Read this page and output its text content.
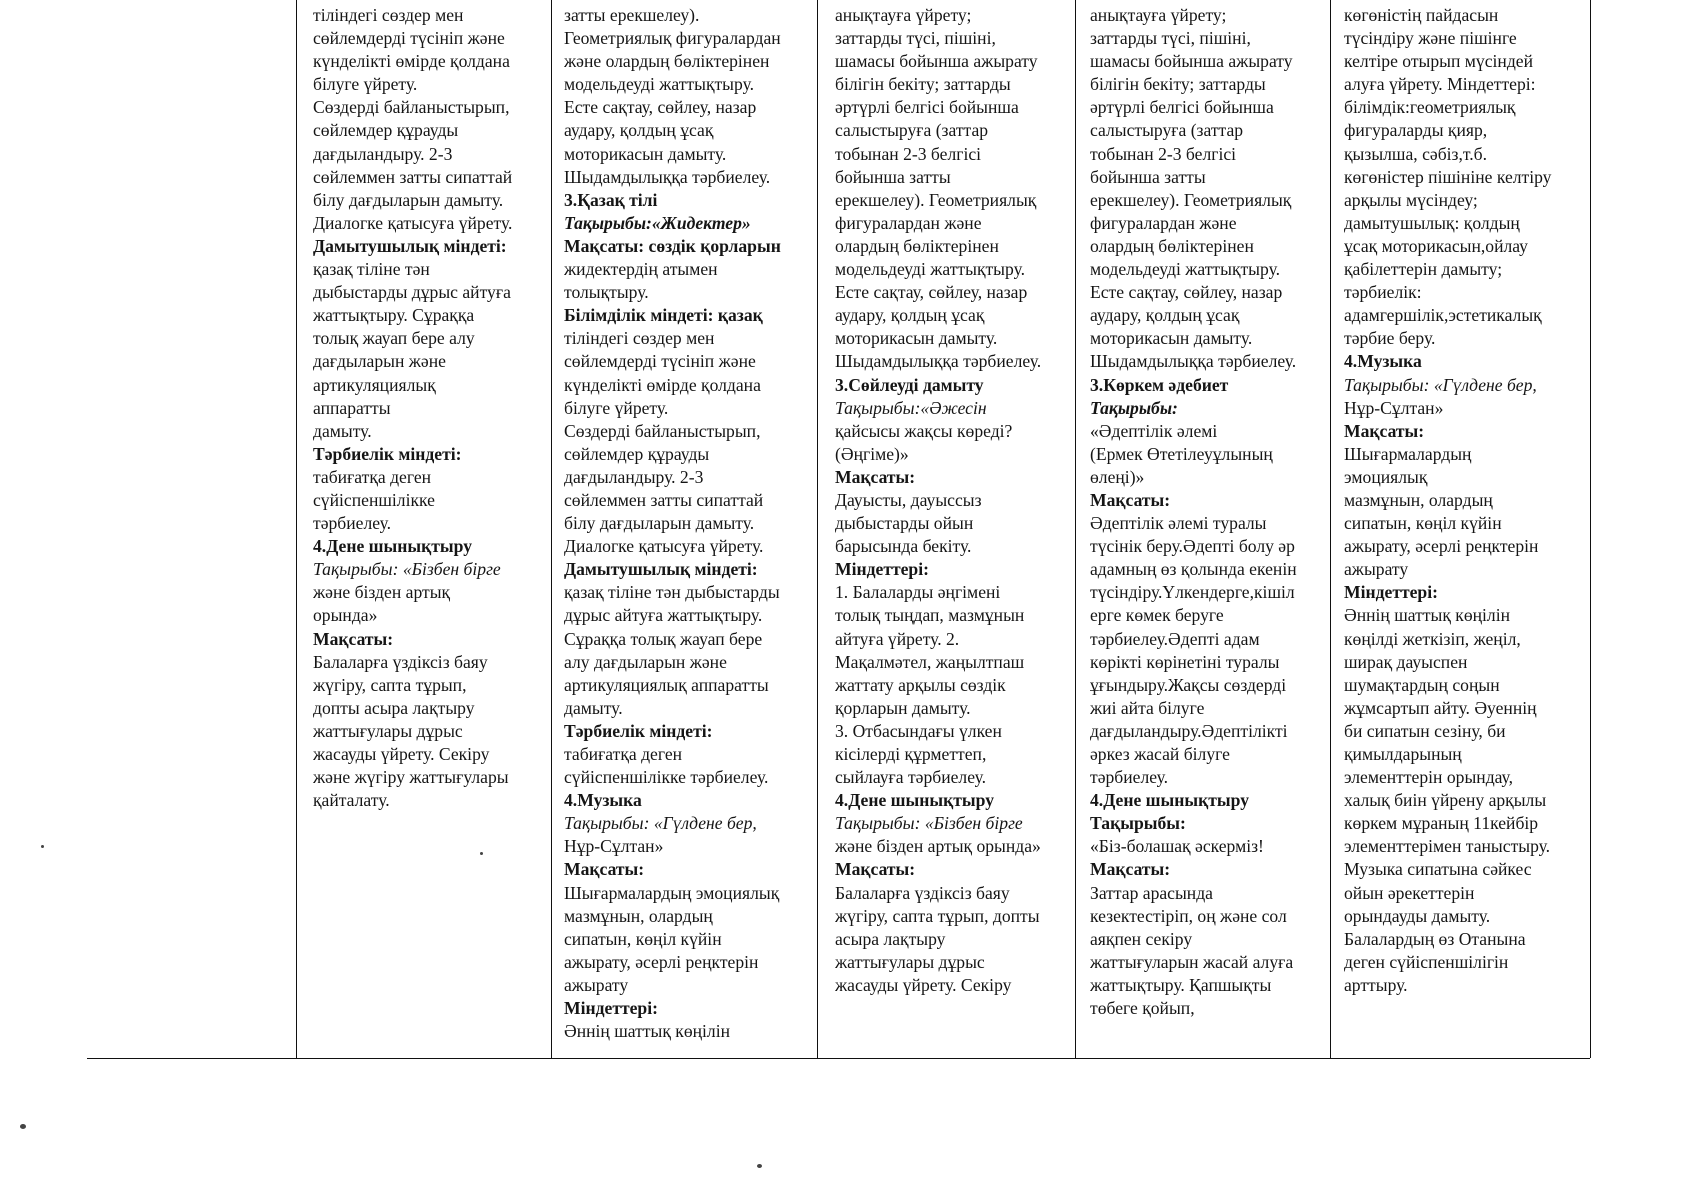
тіліндегі сөздер мен
сөйлемдерді түсініп және
күнделікті өмірде қолдана
білуге үйрету.
Сөздерді байланыстырып,
сөйлемдер құрауды
дағдыландыру. 2-3
сөйлеммен затты сипаттай
білу дағдыларын дамыту.
Диалогке қатысуға үйрету.
Дамытушылық міндеті:
қазақ тіліне тән
дыбыстарды дұрыс айтуға
жаттықтыру. Сұраққа
толық жауап бере алу
дағдыларын және
артикуляциялық
аппаратты
дамыту.
Тәрбиелік міндеті:
табиғатқа деген
сүйіспеншілікке
тәрбиелеу.
4.Дене шынықтыру
Тақырыбы: «Бізбен бірге
және бізден артық
орында»
Мақсаты:
Балаларға үздіксіз баяу
жүгіру, сапта тұрып,
допты асыра лақтыру
жаттығулары дұрыс
жасауды үйрету. Секіру
және жүгіру жаттығулары
қайталату.
затты ерекшелеу).
Геометриялық фигуралардан
және олардың бөліктерінен
модельдеуді жаттықтыру.
Есте сақтау, сөйлеу, назар
аудару, қолдың ұсақ
моторикасын дамыту.
Шыдамдылыққа тәрбиелеу.
3.Қазақ тілі
Тақырыбы:«Жидектер»
Мақсаты: сөздік қорларын
жидектердің атымен
толықтыру.
Білімділік міндеті: қазақ
тіліндегі сөздер мен
сөйлемдерді түсініп және
күнделікті өмірде қолдана
білуге үйрету.
Сөздерді байланыстырып,
сөйлемдер құрауды
дағдыландыру. 2-3
сөйлеммен затты сипаттай
білу дағдыларын дамыту.
Диалогке қатысуға үйрету.
Дамытушылық міндеті:
қазақ тіліне тән дыбыстарды
дұрыс айтуға жаттықтыру.
Сұраққа толық жауап бере
алу дағдыларын және
артикуляциялық аппаратты
дамыту.
Тәрбиелік міндеті:
табиғатқа деген
сүйіспеншілікке тәрбиелеу.
4.Музыка
Тақырыбы: «Гүлдене бер,
Нұр-Сұлтан»
Мақсаты:
Шығармалардың эмоциялық
мазмұнын, олардың
сипатын, көңіл күйін
ажырату, әсерлі реңктерін
ажырату
Міндеттері:
Әннің шаттық көңілін
анықтауға үйрету;
заттарды түсі, пішіні,
шамасы бойынша ажырату
білігін бекіту; заттарды
әртүрлі белгісі бойынша
салыстыруға (заттар
тобынан 2-3 белгісі
бойынша затты
ерекшелеу). Геометриялық
фигуралардан және
олардың бөліктерінен
модельдеуді жаттықтыру.
Есте сақтау, сөйлеу, назар
аудару, қолдың ұсақ
моторикасын дамыту.
Шыдамдылыққа тәрбиелеу.
3.Сөйлеуді дамыту
Тақырыбы:«Әжесін
қайсысы жақсы көреді?
(Әңгіме)»
Мақсаты:
Дауысты, дауыссыз
дыбыстарды ойын
барысында бекіту.
Міндеттері:
1. Балаларды әңгімені
толық тыңдап, мазмұнын
айтуға үйрету. 2.
Мақалмәтел, жаңылтпаш
жаттату арқылы сөздік
қорларын дамыту.
3. Отбасындағы үлкен
кісілерді құрметтеп,
сыйлауға тәрбиелеу.
4.Дене шынықтыру
Тақырыбы: «Бізбен бірге
және бізден артық орында»
Мақсаты:
Балаларға үздіксіз баяу
жүгіру, сапта тұрып, допты
асыра лақтыру
жаттығулары дұрыс
жасауды үйрету. Секіру
анықтауға үйрету;
заттарды түсі, пішіні,
шамасы бойынша ажырату
білігін бекіту; заттарды
әртүрлі белгісі бойынша
салыстыруға (заттар
тобынан 2-3 белгісі
бойынша затты
ерекшелеу). Геометриялық
фигуралардан және
олардың бөліктерінен
модельдеуді жаттықтыру.
Есте сақтау, сөйлеу, назар
аудару, қолдың ұсақ
моторикасын дамыту.
Шыдамдылыққа тәрбиелеу.
3.Көркем әдебиет
Тақырыбы:
«Әдептілік әлемі
(Ермек Өтетілеуұлының
өлеңі)»
Мақсаты:
Әдептілік әлемі туралы
түсінік беру.Әдепті болу әр
адамның өз қолында екенін
түсіндіру.Үлкендерге,кішіл
ерге көмек беруге
тәрбиелеу.Әдепті адам
көрікті көрінетіні туралы
ұғындыру.Жақсы сөздерді
жиі айта білуге
дағдыландыру.Әдептілікті
әркез жасай білуге
тәрбиелеу.
4.Дене шынықтыру
Тақырыбы:
«Біз-болашақ әскерміз!
Мақсаты:
Заттар арасында
кезектестіріп, оң және сол
аяқпен секіру
жаттығуларын жасай алуға
жаттықтыру. Қапшықты
төбеге қойып,
көгөністің пайдасын
түсіндіру және пішінге
келтіре отырып мүсіндей
алуға үйрету. Міндеттері:
білімдік:геометриялық
фигураларды қияр,
қызылша, сәбіз,т.б.
көгөністер пішініне келтіру
арқылы мүсіндеу;
дамытушылық: қолдың
ұсақ моторикасын,ойлау
қабілеттерін дамыту;
тәрбиелік:
адамгершілік,эстетикалық
тәрбие беру.
4.Музыка
Тақырыбы: «Гүлдене бер,
Нұр-Сұлтан»
Мақсаты:
Шығармалардың
эмоциялық
мазмұнын, олардың
сипатын, көңіл күйін
ажырату, әсерлі реңктерін
ажырату
Міндеттері:
Әннің шаттық көңілін
көңілді жеткізіп, жеңіл,
ширақ дауыспен
шумақтардың соңын
жұмсартып айту. Әуеннің
би сипатын сезіну, би
қимылдарының
элементтерін орындау,
халық биін үйрену арқылы
көркем мұраның 11кейбір
элементтерімен таныстыру.
Музыка сипатына сәйкес
ойын әрекеттерін
орындауды дамыту.
Балалардың өз Отанына
деген сүйіспеншілігін
арттыру.
